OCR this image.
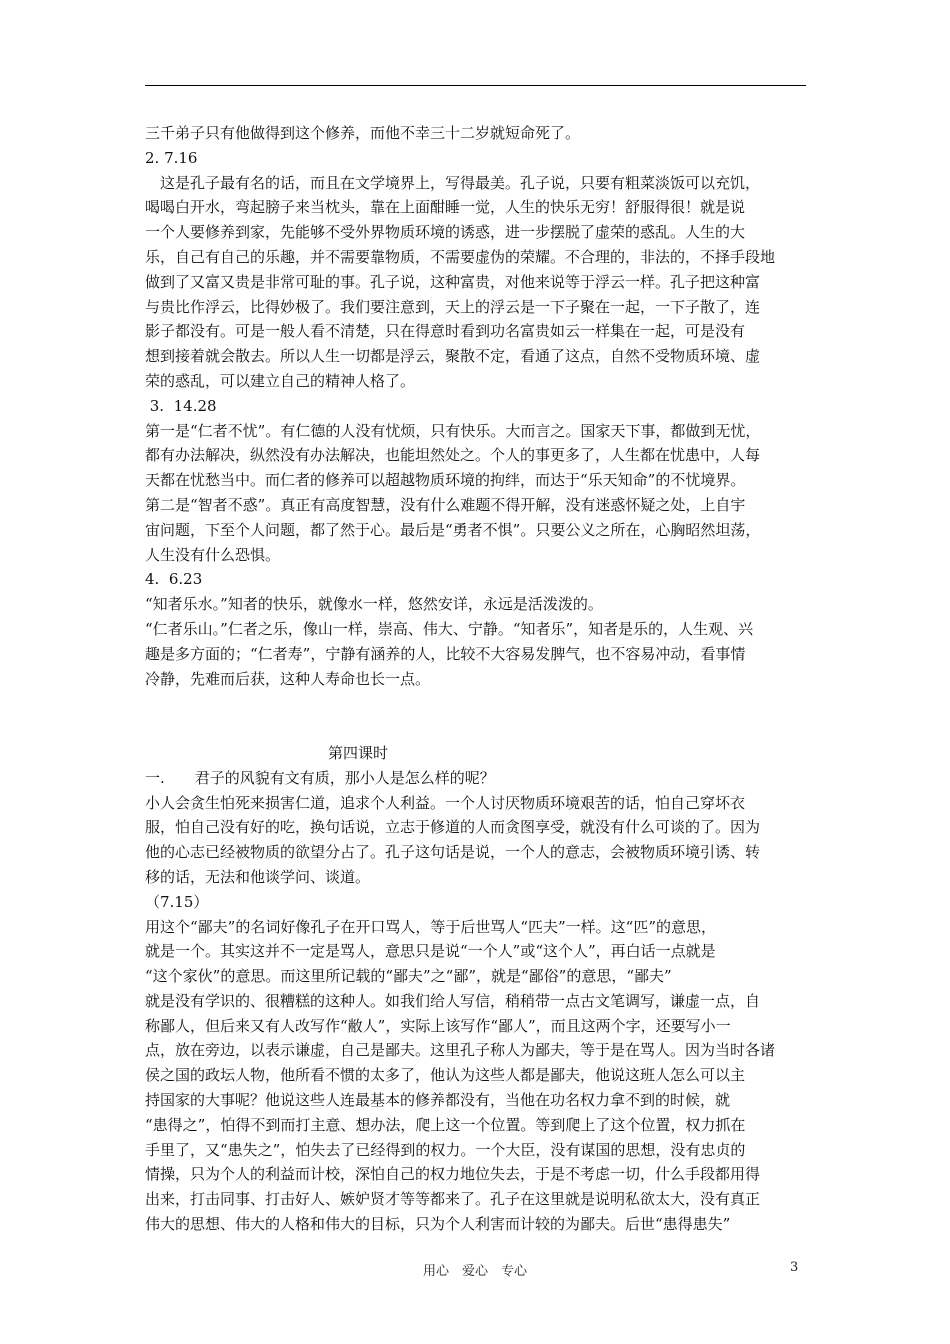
三千弟子只有他做得到这个修养，而他不幸三十二岁就短命死了。
2. 7.16
　这是孔子最有名的话，而且在文学境界上，写得最美。孔子说，只要有粗菜淡饭可以充饥，
喝喝白开水，弯起膀子来当枕头，靠在上面酣睡一觉，人生的快乐无穷！舒服得很！就是说
一个人要修养到家，先能够不受外界物质环境的诱惑，进一步摆脱了虚荣的惑乱。人生的大
乐，自己有自己的乐趣，并不需要靠物质，不需要虚伪的荣耀。不合理的，非法的，不择手段地
做到了又富又贵是非常可耻的事。孔子说，这种富贵，对他来说等于浮云一样。孔子把这种富
与贵比作浮云，比得妙极了。我们要注意到，天上的浮云是一下子聚在一起，一下子散了，连
影子都没有。可是一般人看不清楚，只在得意时看到功名富贵如云一样集在一起，可是没有
想到接着就会散去。所以人生一切都是浮云，聚散不定，看通了这点，自然不受物质环境、虚
荣的惑乱，可以建立自己的精神人格了。
3.  14.28
第一是“仁者不忧”。有仁德的人没有忧烦，只有快乐。大而言之。国家天下事，都做到无忧，
都有办法解决，纵然没有办法解决，也能坦然处之。个人的事更多了，人生都在忧患中，人每
天都在忧愁当中。而仁者的修养可以超越物质环境的拘绊，而达于“乐天知命”的不忧境界。
第二是“智者不惑”。真正有高度智慧，没有什么难题不得开解，没有迷惑怀疑之处，上自宇
宙问题，下至个人问题，都了然于心。最后是“勇者不惧”。只要公义之所在，心胸昭然坦荡，
人生没有什么恐惧。
4.  6.23
“知者乐水。”知者的快乐，就像水一样，悠然安详，永远是活泼泼的。
“仁者乐山。”仁者之乐，像山一样，崇高、伟大、宁静。“知者乐”，知者是乐的，人生观、兴
趣是多方面的；“仁者寿”，宁静有涵养的人，比较不大容易发脾气，也不容易冲动，看事情
冷静，先难而后获，这种人寿命也长一点。
第四课时
一.　　君子的风貌有文有质，那小人是怎么样的呢？
小人会贪生怕死来损害仁道，追求个人利益。一个人讨厌物质环境艰苦的话，怕自己穿坏衣
服，怕自己没有好的吃，换句话说，立志于修道的人而贪图享受，就没有什么可谈的了。因为
他的心志已经被物质的欲望分占了。孔子这句话是说，一个人的意志，会被物质环境引诱、转
移的话，无法和他谈学问、谈道。
（7.15）
用这个“鄙夫”的名词好像孔子在开口骂人，等于后世骂人“匹夫”一样。这“匹”的意思，
就是一个。其实这并不一定是骂人，意思只是说“一个人”或“这个人”，再白话一点就是
“这个家伙”的意思。而这里所记载的“鄙夫”之“鄙”，就是“鄙俗”的意思，“鄙夫”
就是没有学识的、很糟糕的这种人。如我们给人写信，稍稍带一点古文笔调写，谦虚一点，自
称鄙人，但后来又有人改写作“敝人”，实际上该写作“鄙人”，而且这两个字，还要写小一
点，放在旁边，以表示谦虚，自己是鄙夫。这里孔子称人为鄙夫，等于是在骂人。因为当时各诸
侯之国的政坛人物，他所看不惯的太多了，他认为这些人都是鄙夫，他说这班人怎么可以主
持国家的大事呢？他说这些人连最基本的修养都没有，当他在功名权力拿不到的时候，就
“患得之”，怕得不到而打主意、想办法，爬上这一个位置。等到爬上了这个位置，权力抓在
手里了，又“患失之”，怕失去了已经得到的权力。一个大臣，没有谋国的思想，没有忠贞的
情操，只为个人的利益而计校，深怕自己的权力地位失去，于是不考虑一切，什么手段都用得
出来，打击同事、打击好人、嫉妒贤才等等都来了。孔子在这里就是说明私欲太大，没有真正
伟大的思想、伟大的人格和伟大的目标，只为个人利害而计较的为鄙夫。后世“患得患失”
用心　爱心　专心	3
